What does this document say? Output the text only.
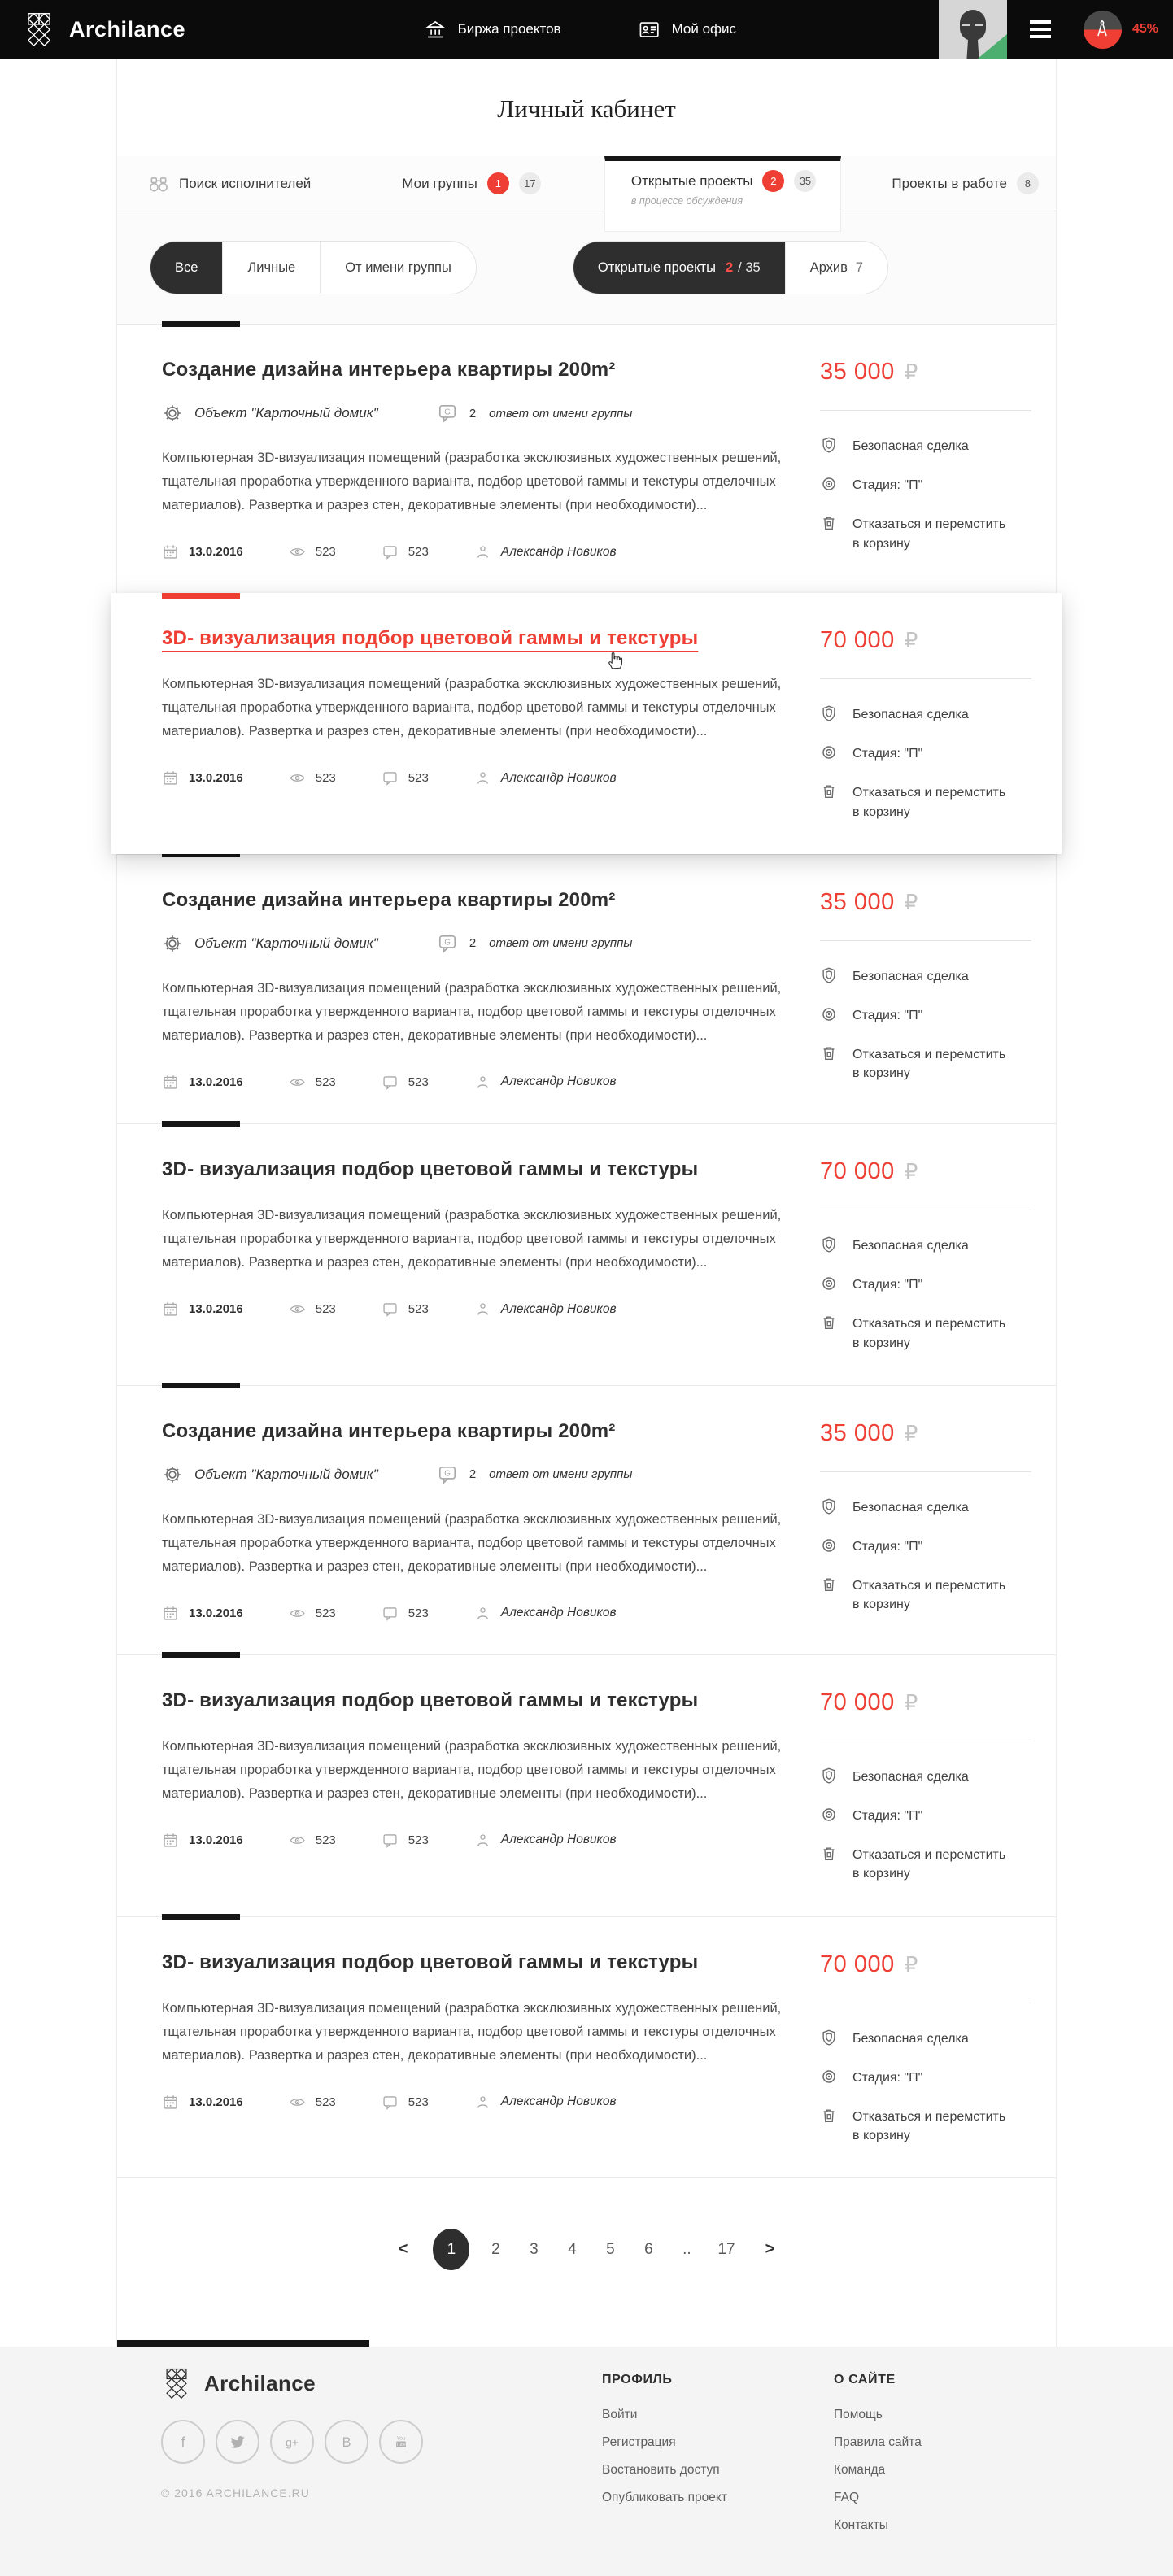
Archilance	Биржа проектов	Мой офис	45%
Личный кабинет
Поиск исполнителей	Мои группы	1	17	Открытые проекты	2	35
в процессе обсуждения
Проекты в работе	8
Все	Личные	От имени группы	Открытые проекты 2 / 35	Архив 7
Создание дизайна интерьера квартиры 200m²
Объект "Карточный домик"	2 ответ от имени группы

Компьютерная 3D-визуализация помещений (разработка эксклюзивных художественных решений, тщательная проработка утвержденного варианта, подбор цветовой гаммы и текстуры отделочных материалов). Развертка и разрез стен, декоративные элементы (при необходимости)...

13.0.2016	523	523	Александр Новиков
35 000 ₽
Безопасная сделка
Стадия: "П"
Отказаться и перемстить в корзину
3D- визуализация подбор цветовой гаммы и текстуры

Компьютерная 3D-визуализация помещений (разработка эксклюзивных художественных решений, тщательная проработка утвержденного варианта, подбор цветовой гаммы и текстуры отделочных материалов). Развертка и разрез стен, декоративные элементы (при необходимости)...

13.0.2016	523	523	Александр Новиков
70 000 ₽
Безопасная сделка
Стадия: "П"
Отказаться и перемстить в корзину
Создание дизайна интерьера квартиры 200m²
Объект "Карточный домик"	2 ответ от имени группы

Компьютерная 3D-визуализация помещений (разработка эксклюзивных художественных решений, тщательная проработка утвержденного варианта, подбор цветовой гаммы и текстуры отделочных материалов). Развертка и разрез стен, декоративные элементы (при необходимости)...

13.0.2016	523	523	Александр Новиков
35 000 ₽
Безопасная сделка
Стадия: "П"
Отказаться и перемстить в корзину
3D- визуализация подбор цветовой гаммы и текстуры

Компьютерная 3D-визуализация помещений (разработка эксклюзивных художественных решений, тщательная проработка утвержденного варианта, подбор цветовой гаммы и текстуры отделочных материалов). Развертка и разрез стен, декоративные элементы (при необходимости)...

13.0.2016	523	523	Александр Новиков
70 000 ₽
Безопасная сделка
Стадия: "П"
Отказаться и перемстить в корзину
Создание дизайна интерьера квартиры 200m²
Объект "Карточный домик"	2 ответ от имени группы

Компьютерная 3D-визуализация помещений (разработка эксклюзивных художественных решений, тщательная проработка утвержденного варианта, подбор цветовой гаммы и текстуры отделочных материалов). Развертка и разрез стен, декоративные элементы (при необходимости)...

13.0.2016	523	523	Александр Новиков
35 000 ₽
Безопасная сделка
Стадия: "П"
Отказаться и перемстить в корзину
3D- визуализация подбор цветовой гаммы и текстуры

Компьютерная 3D-визуализация помещений (разработка эксклюзивных художественных решений, тщательная проработка утвержденного варианта, подбор цветовой гаммы и текстуры отделочных материалов). Развертка и разрез стен, декоративные элементы (при необходимости)...

13.0.2016	523	523	Александр Новиков
70 000 ₽
Безопасная сделка
Стадия: "П"
Отказаться и перемстить в корзину
3D- визуализация подбор цветовой гаммы и текстуры

Компьютерная 3D-визуализация помещений (разработка эксклюзивных художественных решений, тщательная проработка утвержденного варианта, подбор цветовой гаммы и текстуры отделочных материалов). Развертка и разрез стен, декоративные элементы (при необходимости)...

13.0.2016	523	523	Александр Новиков
70 000 ₽
Безопасная сделка
Стадия: "П"
Отказаться и перемстить в корзину
<	1	2	3	4	5	6	..	17	>
Archilance
© 2016 ARCHILANCE.RU
ПРОФИЛЬ
Войти
Регистрация
Востановить доступ
Опубликовать проект
О САЙТЕ
Помощь
Правила сайта
Команда
FAQ
Контакты
